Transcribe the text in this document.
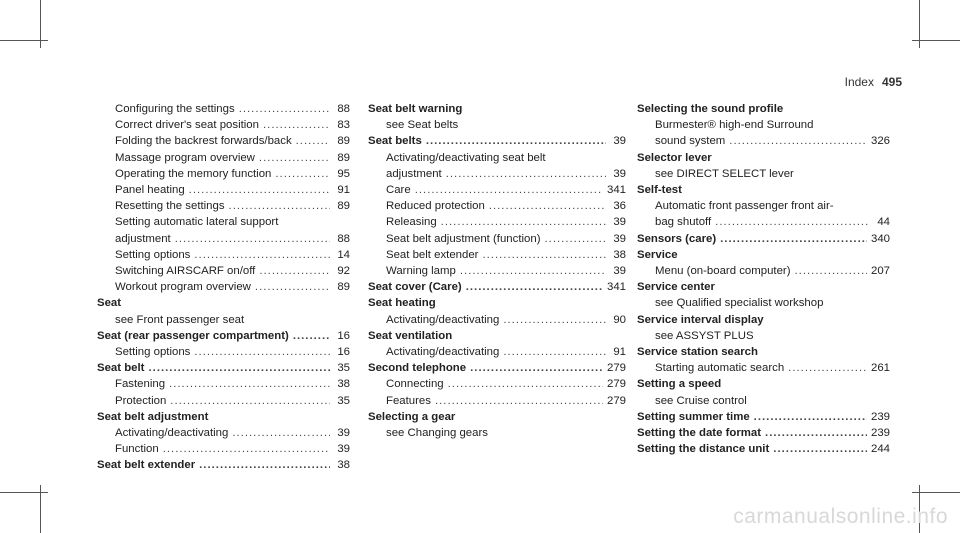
Index 495
Configuring the settings .....	88
Correct driver's seat position .....	83
Folding the backrest forwards/back .....	89
Massage program overview .....	89
Operating the memory function .....	95
Panel heating .....	91
Resetting the settings .....	89
Setting automatic lateral support
adjustment .....	88
Setting options .....	14
Switching AIRSCARF on/off .....	92
Workout program overview .....	89
Seat
see Front passenger seat
Seat (rear passenger compartment) .....	16
Setting options .....	16
Seat belt .....	35
Fastening .....	38
Protection .....	35
Seat belt adjustment
Activating/deactivating .....	39
Function .....	39
Seat belt extender .....	38
Seat belt warning
see Seat belts
Seat belts .....	39
Activating/deactivating seat belt
adjustment .....	39
Care .....	341
Reduced protection .....	36
Releasing .....	39
Seat belt adjustment (function) .....	39
Seat belt extender .....	38
Warning lamp .....	39
Seat cover (Care) .....	341
Seat heating
Activating/deactivating .....	90
Seat ventilation
Activating/deactivating .....	91
Second telephone .....	279
Connecting .....	279
Features .....	279
Selecting a gear
see Changing gears
Selecting the sound profile
Burmester® high-end Surround
sound system .....	326
Selector lever
see DIRECT SELECT lever
Self-test
Automatic front passenger front air-
bag shutoff .....	44
Sensors (care) .....	340
Service
Menu (on-board computer) .....	207
Service center
see Qualified specialist workshop
Service interval display
see ASSYST PLUS
Service station search
Starting automatic search .....	261
Setting a speed
see Cruise control
Setting summer time .....	239
Setting the date format .....	239
Setting the distance unit .....	244
carmanualsonline.info
